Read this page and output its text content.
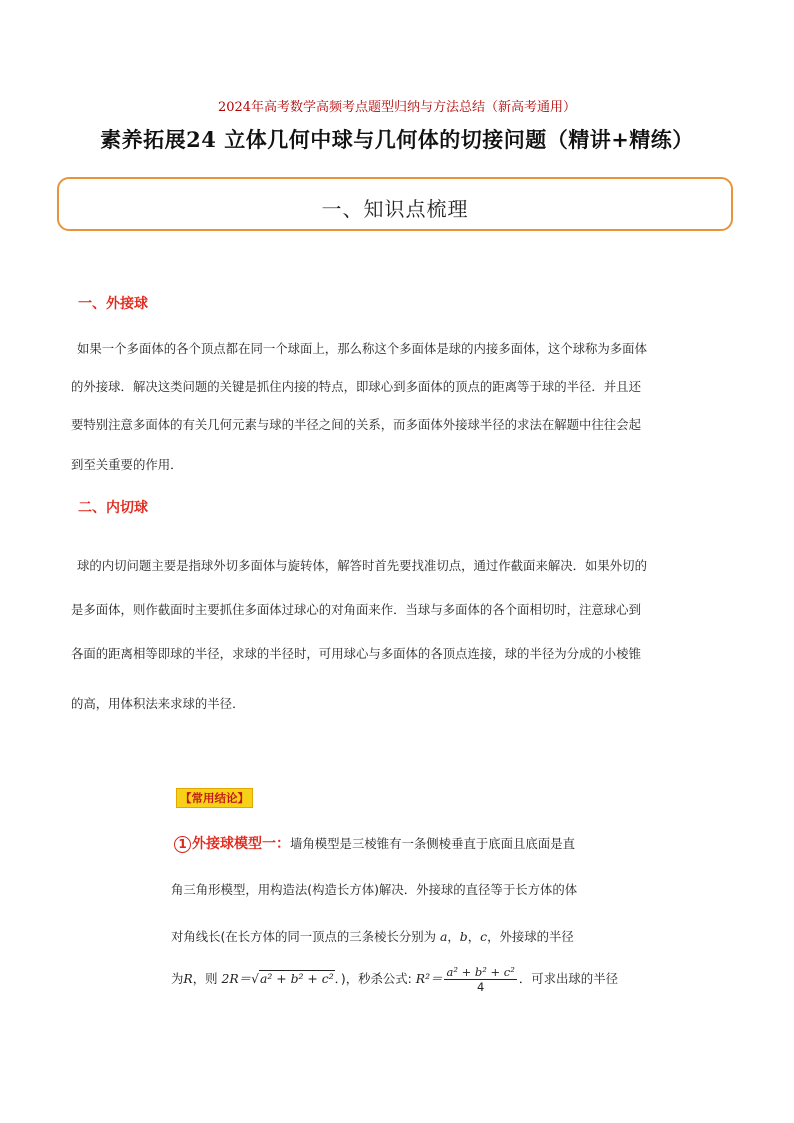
2024年高考数学高频考点题型归纳与方法总结（新高考通用）
素养拓展24 立体几何中球与几何体的切接问题（精讲+精练）
一、知识点梳理
一、外接球
如果一个多面体的各个顶点都在同一个球面上，那么称这个多面体是球的内接多面体，这个球称为多面体
的外接球．解决这类问题的关键是抓住内接的特点，即球心到多面体的顶点的距离等于球的半径．并且还
要特别注意多面体的有关几何元素与球的半径之间的关系，而多面体外接球半径的求法在解题中往往会起
到至关重要的作用．
二、内切球
球的内切问题主要是指球外切多面体与旋转体，解答时首先要找准切点，通过作截面来解决．如果外切的
是多面体，则作截面时主要抓住多面体过球心的对角面来作．当球与多面体的各个面相切时，注意球心到
各面的距离相等即球的半径，求球的半径时，可用球心与多面体的各顶点连接，球的半径为分成的小棱锥
的高，用体积法来求球的半径．
【常用结论】
1 外接球模型一：墙角模型是三棱锥有一条侧棱垂直于底面且底面是直
角三角形模型，用构造法(构造长方体)解决．外接球的直径等于长方体的体
对角线长(在长方体的同一顶点的三条棱长分别为 a，b，c，外接球的半径
为R，则 2R＝√a² + b² + c²．)，秒杀公式: $R^2= \frac{\text{a² + b² + c²}}{4}$ ．可求出球的半径
